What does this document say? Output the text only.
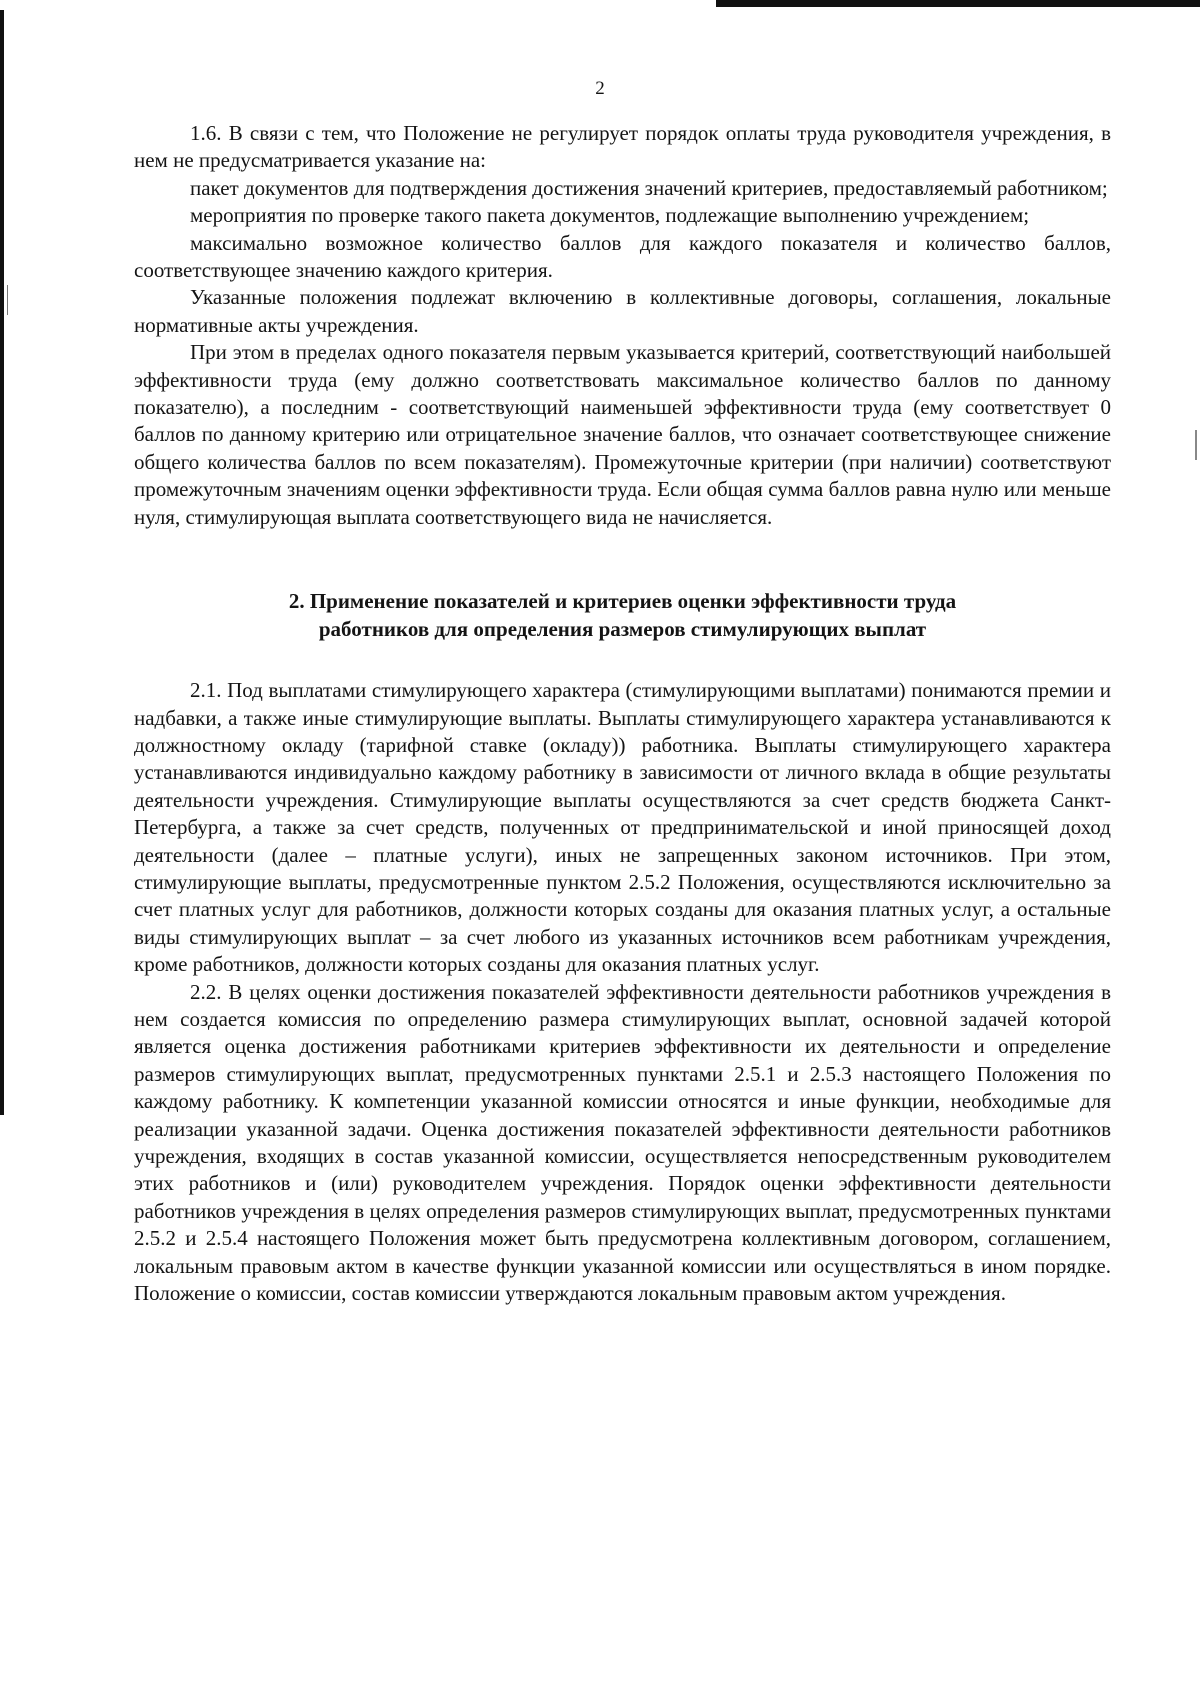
2

1.6. В связи с тем, что Положение не регулирует порядок оплаты труда руководителя учреждения, в нем не предусматривается указание на:

пакет документов для подтверждения достижения значений критериев, предоставляемый работником;

мероприятия по проверке такого пакета документов, подлежащие выполнению учреждением;

максимально возможное количество баллов для каждого показателя и количество баллов, соответствующее значению каждого критерия.

Указанные положения подлежат включению в коллективные договоры, соглашения, локальные нормативные акты учреждения.

При этом в пределах одного показателя первым указывается критерий, соответствующий наибольшей эффективности труда (ему должно соответствовать максимальное количество баллов по данному показателю), а последним - соответствующий наименьшей эффективности труда (ему соответствует 0 баллов по данному критерию или отрицательное значение баллов, что означает соответствующее снижение общего количества баллов по всем показателям). Промежуточные критерии (при наличии) соответствуют промежуточным значениям оценки эффективности труда. Если общая сумма баллов равна нулю или меньше нуля, стимулирующая выплата соответствующего вида не начисляется.

2. Применение показателей и критериев оценки эффективности труда
работников для определения размеров стимулирующих выплат

2.1. Под выплатами стимулирующего характера (стимулирующими выплатами) понимаются премии и надбавки, а также иные стимулирующие выплаты. Выплаты стимулирующего характера устанавливаются к должностному окладу (тарифной ставке (окладу)) работника. Выплаты стимулирующего характера устанавливаются индивидуально каждому работнику в зависимости от личного вклада в общие результаты деятельности учреждения. Стимулирующие выплаты осуществляются за счет средств бюджета Санкт-Петербурга, а также за счет средств, полученных от предпринимательской и иной приносящей доход деятельности (далее – платные услуги), иных не запрещенных законом источников. При этом, стимулирующие выплаты, предусмотренные пунктом 2.5.2 Положения, осуществляются исключительно за счет платных услуг для работников, должности которых созданы для оказания платных услуг, а остальные виды стимулирующих выплат – за счет любого из указанных источников всем работникам учреждения, кроме работников, должности которых созданы для оказания платных услуг.

2.2. В целях оценки достижения показателей эффективности деятельности работников учреждения в нем создается комиссия по определению размера стимулирующих выплат, основной задачей которой является оценка достижения работниками критериев эффективности их деятельности и определение размеров стимулирующих выплат, предусмотренных пунктами 2.5.1 и 2.5.3 настоящего Положения по каждому работнику. К компетенции указанной комиссии относятся и иные функции, необходимые для реализации указанной задачи. Оценка достижения показателей эффективности деятельности работников учреждения, входящих в состав указанной комиссии, осуществляется непосредственным руководителем этих работников и (или) руководителем учреждения. Порядок оценки эффективности деятельности работников учреждения в целях определения размеров стимулирующих выплат, предусмотренных пунктами 2.5.2 и 2.5.4 настоящего Положения может быть предусмотрена коллективным договором, соглашением, локальным правовым актом в качестве функции указанной комиссии или осуществляться в ином порядке. Положение о комиссии, состав комиссии утверждаются локальным правовым актом учреждения.
